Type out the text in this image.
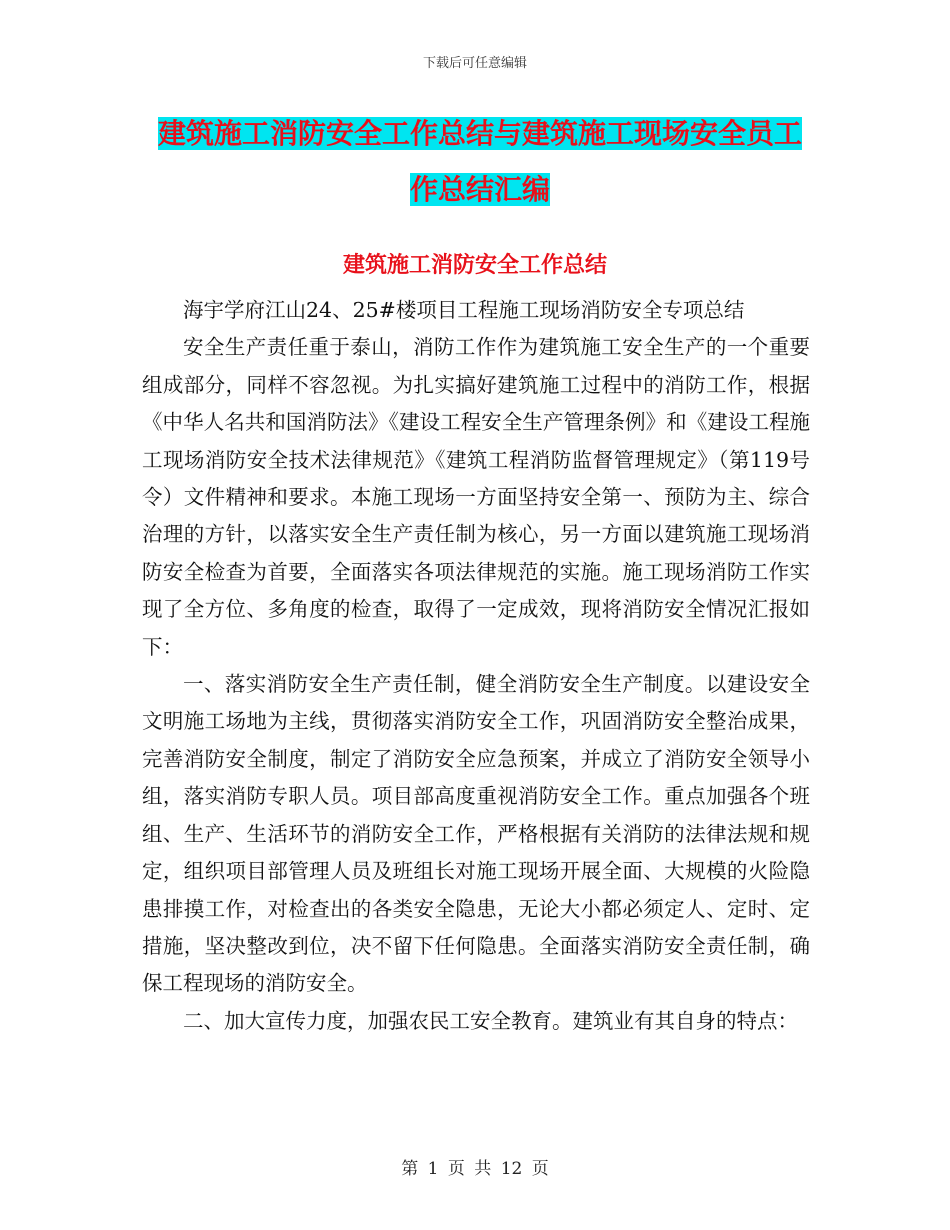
下载后可任意编辑
建筑施工消防安全工作总结与建筑施工现场安全员工
作总结汇编
建筑施工消防安全工作总结

海宇学府江山24、25#楼项目工程施工现场消防安全专项总结

安全生产责任重于泰山，消防工作作为建筑施工安全生产的一个重要组成部分，同样不容忽视。为扎实搞好建筑施工过程中的消防工作，根据《中华人名共和国消防法》《建设工程安全生产管理条例》和《建设工程施工现场消防安全技术法律规范》《建筑工程消防监督管理规定》（第119号令）文件精神和要求。本施工现场一方面坚持安全第一、预防为主、综合治理的方针，以落实安全生产责任制为核心，另一方面以建筑施工现场消防安全检查为首要，全面落实各项法律规范的实施。施工现场消防工作实现了全方位、多角度的检查，取得了一定成效，现将消防安全情况汇报如下：

一、落实消防安全生产责任制，健全消防安全生产制度。以建设安全文明施工场地为主线，贯彻落实消防安全工作，巩固消防安全整治成果，完善消防安全制度，制定了消防安全应急预案，并成立了消防安全领导小组，落实消防专职人员。项目部高度重视消防安全工作。重点加强各个班组、生产、生活环节的消防安全工作，严格根据有关消防的法律法规和规定，组织项目部管理人员及班组长对施工现场开展全面、大规模的火险隐患排摸工作，对检查出的各类安全隐患，无论大小都必须定人、定时、定措施，坚决整改到位，决不留下任何隐患。全面落实消防安全责任制，确保工程现场的消防安全。

二、加大宣传力度，加强农民工安全教育。建筑业有其自身的特点：

第 1 页 共 12 页
